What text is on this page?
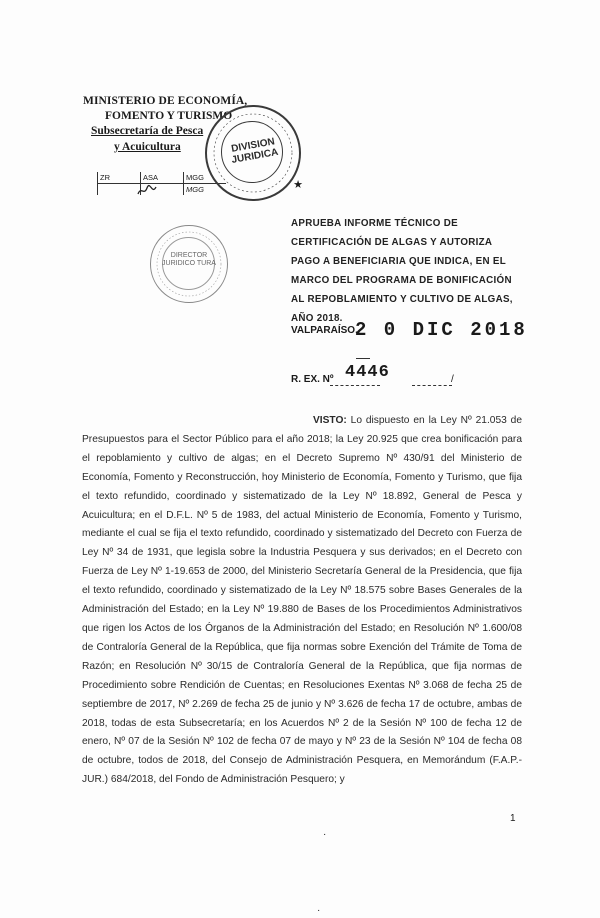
MINISTERIO DE ECONOMÍA,
FOMENTO Y TURISMO
Subsecretaría de Pesca
y Acuicultura
ZR	ASA	MGG
		MGG
DIVISION JURIDICA
★
DIRECTOR JURIDICO TURA
APRUEBA INFORME TÉCNICO DE CERTIFICACIÓN DE ALGAS Y AUTORIZA PAGO A BENEFICIARIA QUE INDICA, EN EL MARCO DEL PROGRAMA DE BONIFICACIÓN AL REPOBLAMIENTO Y CULTIVO DE ALGAS, AÑO 2018.
VALPARAÍSO,
2 0 DIC 2018
R. EX. Nº 4446	/
VISTO: Lo dispuesto en la Ley Nº 21.053 de Presupuestos para el Sector Público para el año 2018; la Ley 20.925 que crea bonificación para el repoblamiento y cultivo de algas; en el Decreto Supremo Nº 430/91 del Ministerio de Economía, Fomento y Reconstrucción, hoy Ministerio de Economía, Fomento y Turismo, que fija el texto refundido, coordinado y sistematizado de la Ley Nº 18.892, General de Pesca y Acuicultura; en el D.F.L. Nº 5 de 1983, del actual Ministerio de Economía, Fomento y Turismo, mediante el cual se fija el texto refundido, coordinado y sistematizado del Decreto con Fuerza de Ley Nº 34 de 1931, que legisla sobre la Industria Pesquera y sus derivados; en el Decreto con Fuerza de Ley Nº 1-19.653 de 2000, del Ministerio Secretaría General de la Presidencia, que fija el texto refundido, coordinado y sistematizado de la Ley Nº 18.575 sobre Bases Generales de la Administración del Estado; en la Ley Nº 19.880 de Bases de los Procedimientos Administrativos que rigen los Actos de los Órganos de la Administración del Estado; en Resolución Nº 1.600/08 de Contraloría General de la República, que fija normas sobre Exención del Trámite de Toma de Razón; en Resolución Nº 30/15 de Contraloría General de la República, que fija normas de Procedimiento sobre Rendición de Cuentas; en Resoluciones Exentas Nº 3.068 de fecha 25 de septiembre de 2017, Nº 2.269 de fecha 25 de junio y Nº 3.626 de fecha 17 de octubre, ambas de 2018, todas de esta Subsecretaría; en los Acuerdos Nº 2 de la Sesión Nº 100 de fecha 12 de enero, Nº 07 de la Sesión Nº 102 de fecha 07 de mayo y Nº 23 de la Sesión Nº 104 de fecha 08 de octubre, todos de 2018, del Consejo de Administración Pesquera, en Memorándum (F.A.P.-JUR.) 684/2018, del Fondo de Administración Pesquero; y
1
·
·
